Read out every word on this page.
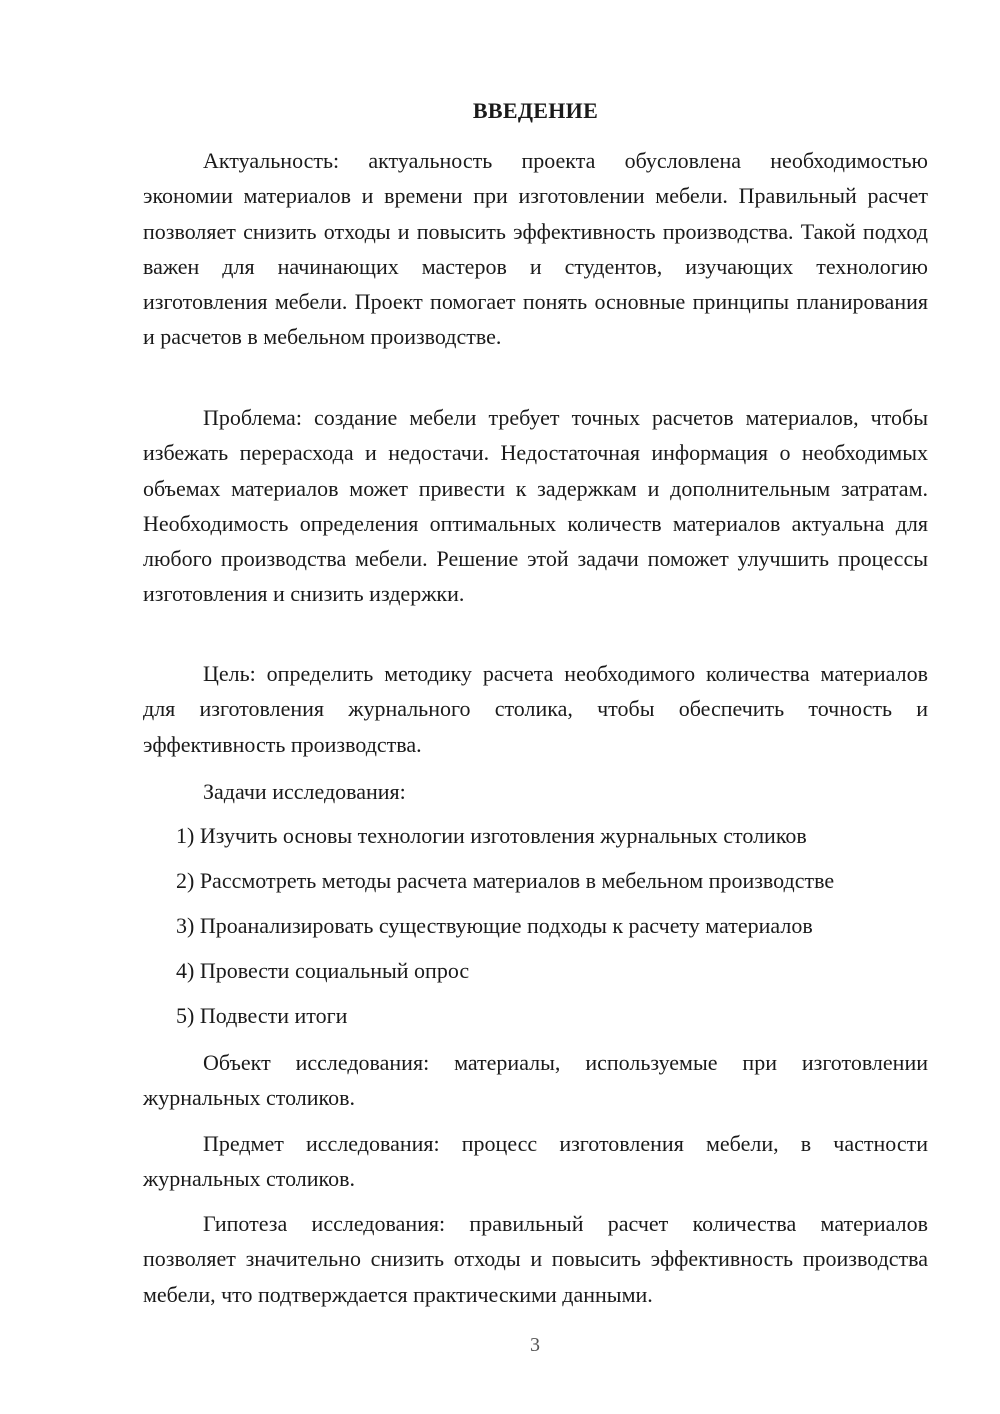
ВВЕДЕНИЕ

Актуальность: актуальность проекта обусловлена необходимостью экономии материалов и времени при изготовлении мебели. Правильный расчет позволяет снизить отходы и повысить эффективность производства. Такой подход важен для начинающих мастеров и студентов, изучающих технологию изготовления мебели. Проект помогает понять основные принципы планирования и расчетов в мебельном производстве.

Проблема: создание мебели требует точных расчетов материалов, чтобы избежать перерасхода и недостачи. Недостаточная информация о необходимых объемах материалов может привести к задержкам и дополнительным затратам. Необходимость определения оптимальных количеств материалов актуальна для любого производства мебели. Решение этой задачи поможет улучшить процессы изготовления и снизить издержки.

Цель: определить методику расчета необходимого количества материалов для изготовления журнального столика, чтобы обеспечить точность и эффективность производства.

Задачи исследования:

1) Изучить основы технологии изготовления журнальных столиков

2) Рассмотреть методы расчета материалов в мебельном производстве

3) Проанализировать существующие подходы к расчету материалов

4) Провести социальный опрос

5) Подвести итоги

Объект исследования: материалы, используемые при изготовлении журнальных столиков.

Предмет исследования: процесс изготовления мебели, в частности журнальных столиков.

Гипотеза исследования: правильный расчет количества материалов позволяет значительно снизить отходы и повысить эффективность производства мебели, что подтверждается практическими данными.

3
